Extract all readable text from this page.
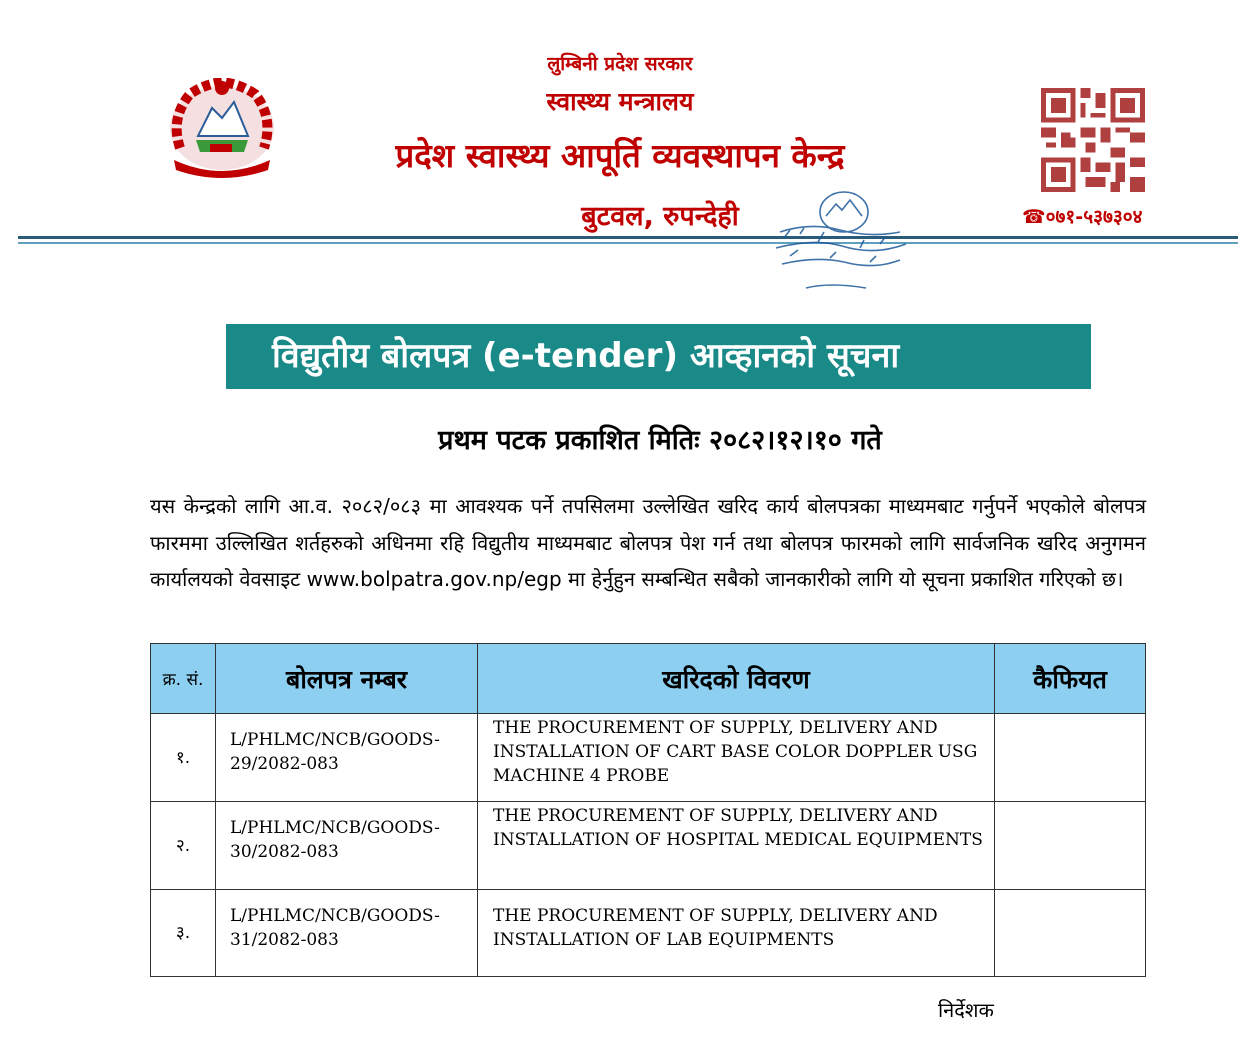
लुम्बिनी प्रदेश सरकार
स्वास्थ्य मन्त्रालय
प्रदेश स्वास्थ्य आपूर्ति व्यवस्थापन केन्द्र
बुटवल, रुपन्देही	☎०७१-५३७३०४
विद्युतीय बोलपत्र (e-tender) आव्हानको सूचना
प्रथम पटक प्रकाशित मितिः २०८२।१२।१० गते
यस केन्द्रको लागि आ.व. २०८२/०८३ मा आवश्यक पर्ने तपसिलमा उल्लेखित खरिद कार्य बोलपत्रका माध्यमबाट गर्नुपर्ने भएकोले बोलपत्र फारममा उल्लिखित शर्तहरुको अधिनमा रहि विद्युतीय माध्यमबाट बोलपत्र पेश गर्न तथा बोलपत्र फारमको लागि सार्वजनिक खरिद अनुगमन कार्यालयको वेवसाइट www.bolpatra.gov.np/egp मा हेर्नुहुन सम्बन्धित सबैको जानकारीको लागि यो सूचना प्रकाशित गरिएको छ।
क्र. सं.	बोलपत्र नम्बर	खरिदको विवरण	कैफियत
१.	L/PHLMC/NCB/GOODS-29/2082-083	THE PROCUREMENT OF SUPPLY, DELIVERY AND INSTALLATION OF CART BASE COLOR DOPPLER USG MACHINE 4 PROBE	
२.	L/PHLMC/NCB/GOODS-30/2082-083	THE PROCUREMENT OF SUPPLY, DELIVERY AND INSTALLATION OF HOSPITAL MEDICAL EQUIPMENTS	
३.	L/PHLMC/NCB/GOODS-31/2082-083	THE PROCUREMENT OF SUPPLY, DELIVERY AND INSTALLATION OF LAB EQUIPMENTS	
निर्देशक
